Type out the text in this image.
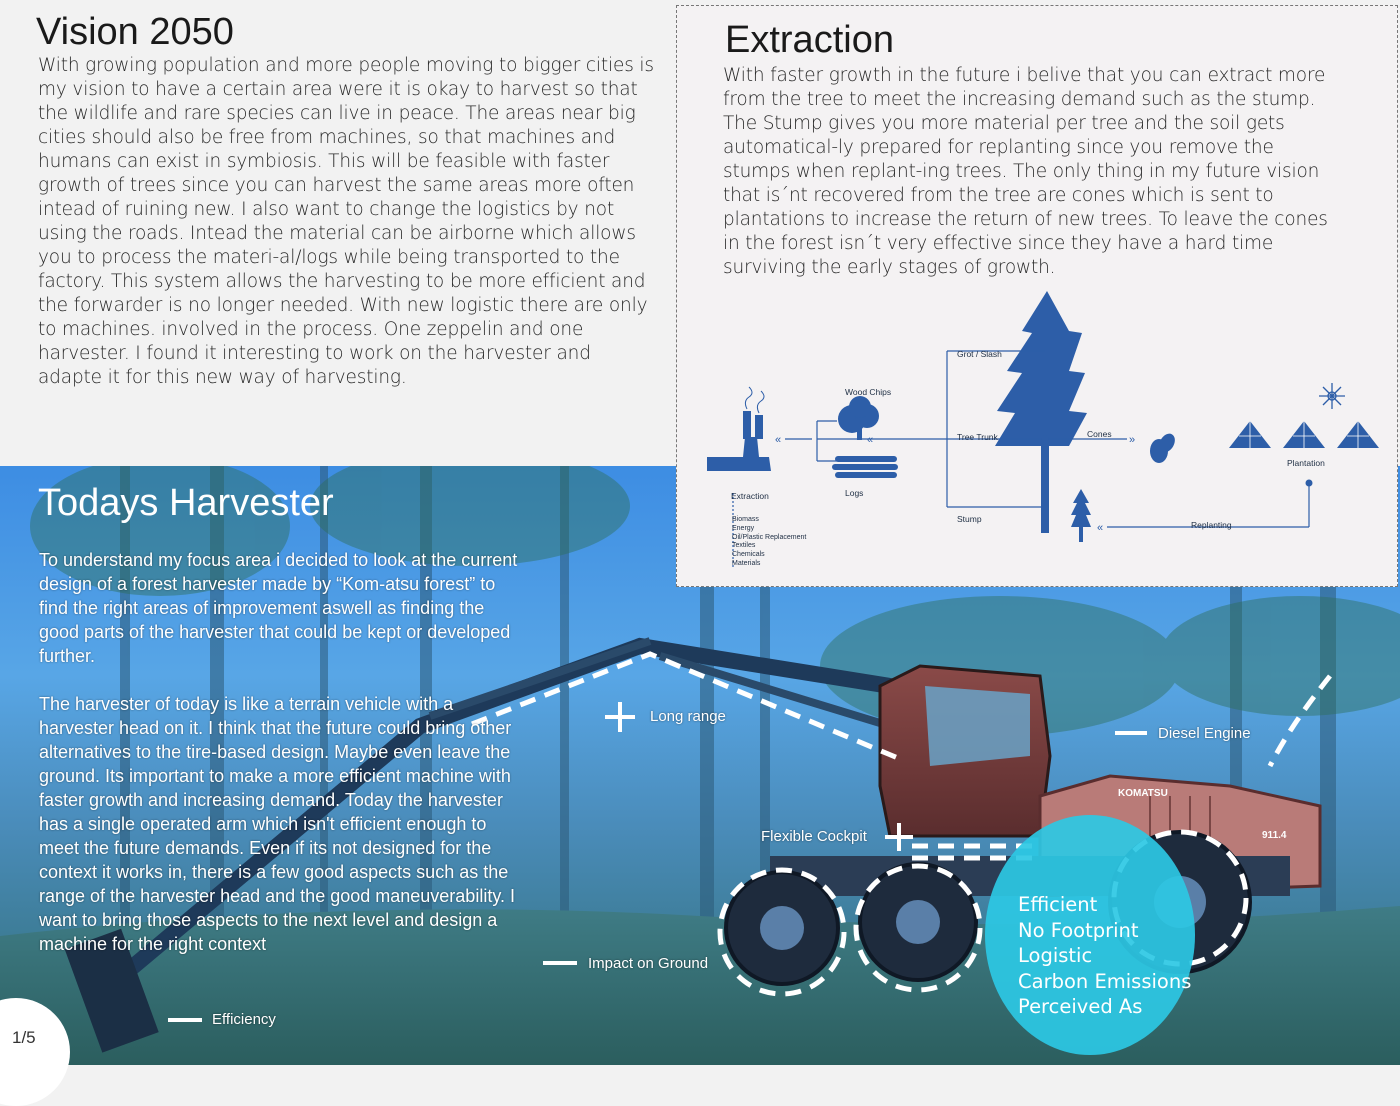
Vision 2050

With growing population and more people moving to bigger cities is my vision to have a certain area were it is okay to harvest so that the wildlife and rare species can live in peace. The areas near big cities should also be free from machines, so that machines and humans can exist in symbiosis. This will be feasible with faster growth of trees since you can harvest the same areas more often intead of ruining new. I also want to change the logistics by not using the roads. Intead the material can be airborne which allows you to process the materi-al/logs while being transported to the factory. This system allows the harvesting to be more efficient and the forwarder is no longer needed. With new logistic there are only to machines. involved in the process. One zeppelin and one harvester. I found it interesting to work on the harvester and adapte it for this new way of harvesting.

KOMATSU
911.4
Todays Harvester

To understand my focus area i decided to look at the current design of a forest harvester made by “Kom-atsu forest” to find the right areas of improvement aswell as finding the good parts of the harvester that could be kept or developed further.

The harvester of today is like a terrain vehicle with a harvester head on it. I think that the future could bring other alternatives to the tire-based design. Maybe even leave the ground. Its important to make a more efficient machine with faster growth and increasing demand. Today the harvester has a single operated arm which isn't efficient enough to meet the future demands. Even if its not designed for the context it works in, there is a few good aspects such as the range of the harvester head and the good maneuverability. I want to bring those aspects to the next level and design a machine for the right context

Long range
Diesel Engine
Flexible Cockpit
Impact on Ground
Efficiency
Efficient
No Footprint
Logistic
Carbon Emissions
Perceived As
Extraction

With faster growth in the future i belive that you can extract more from the tree to meet the increasing demand such as the stump. The Stump gives you more material per tree and the soil gets automatical-ly prepared for replanting since you remove the stumps when replant-ing trees. The only thing in my future vision that is´nt recovered from the tree are cones which is sent to plantations to increase the return of new trees. To leave the cones in the forest isn´t very effective since they have a hard time surviving the early stages of growth.

«	«	»
«
Grot / Slash
Wood Chips
Tree Trunk	Cones
Plantation
Logs
Extraction
Stump
Replanting
Biomass
Energy
Oil/Plastic Replacement
Textiles
Chemicals
Materials
1/5
